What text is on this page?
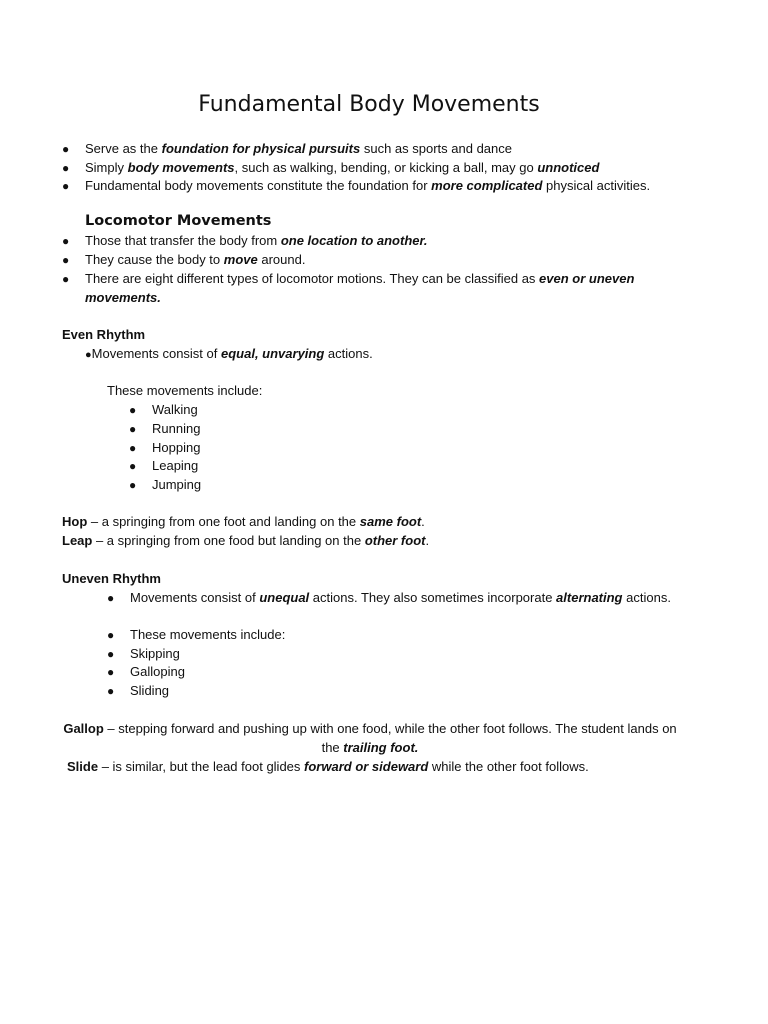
Fundamental Body Movements
● Serve as the foundation for physical pursuits such as sports and dance
● Simply body movements, such as walking, bending, or kicking a ball, may go unnoticed
● Fundamental body movements constitute the foundation for more complicated physical activities.
Locomotor Movements
● Those that transfer the body from one location to another.
● They cause the body to move around.
● There are eight different types of locomotor motions. They can be classified as even or uneven
movements.
Even Rhythm
●Movements consist of equal, unvarying actions.
These movements include:
● Walking
● Running
● Hopping
● Leaping
● Jumping
Hop – a springing from one foot and landing on the same foot.
Leap – a springing from one food but landing on the other foot.
Uneven Rhythm
● Movements consist of unequal actions. They also sometimes incorporate alternating actions.
● These movements include:
● Skipping
● Galloping
● Sliding
Gallop – stepping forward and pushing up with one food, while the other foot follows. The student lands on
the trailing foot.
Slide – is similar, but the lead foot glides forward or sideward while the other foot follows.
